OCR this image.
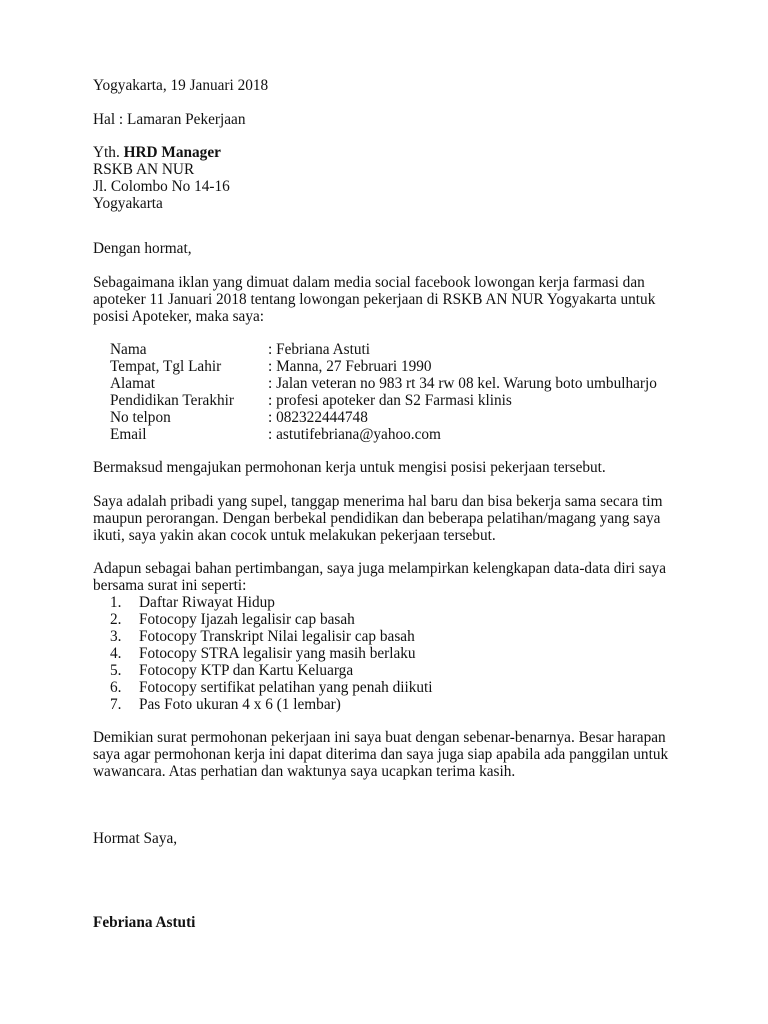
Yogyakarta, 19 Januari 2018
Hal : Lamaran Pekerjaan
Yth. HRD Manager
RSKB AN NUR
Jl. Colombo No 14-16
Yogyakarta
Dengan hormat,
Sebagaimana iklan yang dimuat dalam media social facebook lowongan kerja farmasi dan
apoteker 11 Januari 2018 tentang lowongan pekerjaan di RSKB AN NUR Yogyakarta untuk
posisi Apoteker, maka saya:
Nama	: Febriana Astuti
Tempat, Tgl Lahir	: Manna, 27 Februari 1990
Alamat	: Jalan veteran no 983 rt 34 rw 08 kel. Warung boto umbulharjo
Pendidikan Terakhir : profesi apoteker dan S2 Farmasi klinis
No telpon	: 082322444748
Email	: astutifebriana@yahoo.com
Bermaksud mengajukan permohonan kerja untuk mengisi posisi pekerjaan tersebut.
Saya adalah pribadi yang supel, tanggap menerima hal baru dan bisa bekerja sama secara tim
maupun perorangan. Dengan berbekal pendidikan dan beberapa pelatihan/magang yang saya
ikuti, saya yakin akan cocok untuk melakukan pekerjaan tersebut.
Adapun sebagai bahan pertimbangan, saya juga melampirkan kelengkapan data-data diri saya
bersama surat ini seperti:
1.	Daftar Riwayat Hidup
2.	Fotocopy Ijazah legalisir cap basah
3.	Fotocopy Transkript Nilai legalisir cap basah
4.	Fotocopy STRA legalisir yang masih berlaku
5.	Fotocopy KTP dan Kartu Keluarga
6.	Fotocopy sertifikat pelatihan yang penah diikuti
7.	Pas Foto ukuran 4 x 6 (1 lembar)
Demikian surat permohonan pekerjaan ini saya buat dengan sebenar-benarnya. Besar harapan
saya agar permohonan kerja ini dapat diterima dan saya juga siap apabila ada panggilan untuk
wawancara. Atas perhatian dan waktunya saya ucapkan terima kasih.
Hormat Saya,
Febriana Astuti
